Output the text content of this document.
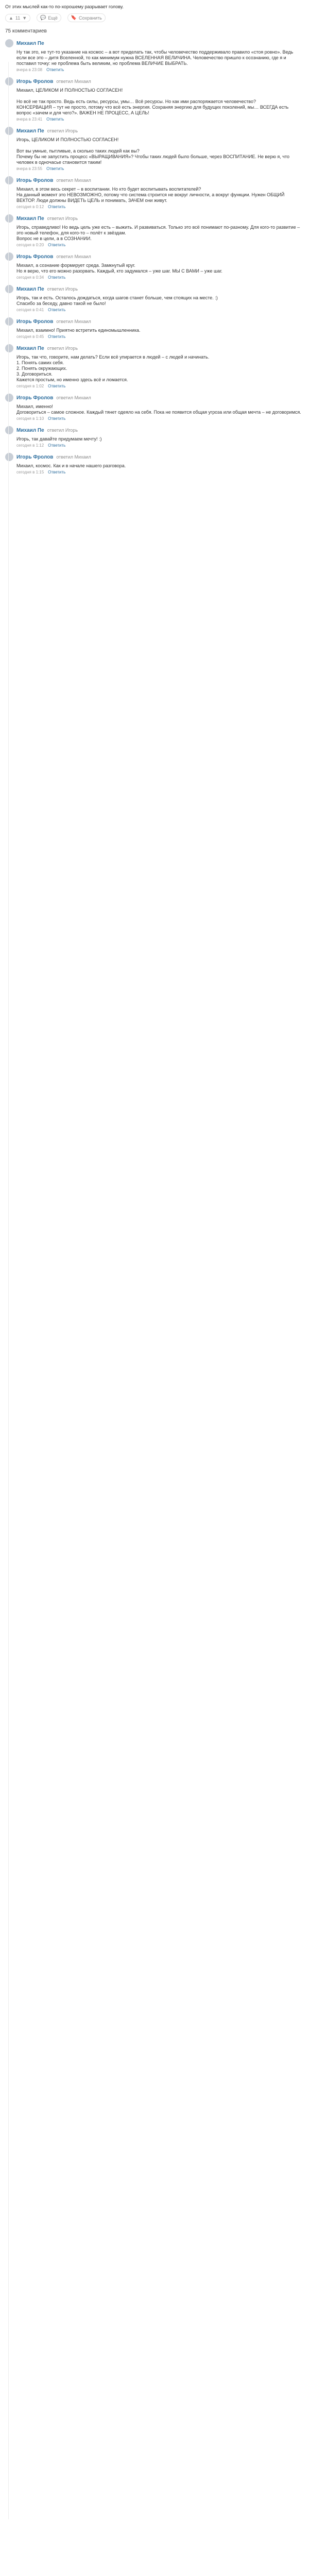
От этих мыслей как-то по-хорошему разрывает голову.
▲ 11 ▼	💬 Ещё	🔖 Сохранить
75 комментариев
Михаил Пе
Ну так это, не тут-то указание на космос – а вот приделать так, чтобы человечество поддерживало правило «стоя ровно». Ведь если все это – дитя Вселенной, то как минимум нужна ВСЕЛЕННАЯ ВЕЛИЧИНА. Человечество пришло к осознанию, где я и поставил точку: не проблема быть великим, но проблема ВЕЛИЧИЕ ВЫБРАТЬ.
вчера в 23:08 Ответить
Игорь Фролов ответил Михаил
Михаил, ЦЕЛИКОМ И ПОЛНОСТЬЮ СОГЛАСЕН!

Но всё не так просто. Ведь есть силы, ресурсы, умы… Всё ресурсы. Но как ими распоряжается человечество?
КОНСЕРВАЦИЯ – тут не просто, потому что всё есть энергия. Сохраняя энергию для будущих поколений, мы… ВСЕГДА есть вопрос «зачем и для чего?». ВАЖЕН НЕ ПРОЦЕСС, А ЦЕЛЬ!
вчера в 23:41 Ответить
Михаил Пе ответил Игорь
Игорь, ЦЕЛИКОМ И ПОЛНОСТЬЮ СОГЛАСЕН!

Вот вы умные, пытливые, а сколько таких людей как вы?
Почему бы не запустить процесс «ВЫРАЩИВАНИЯ»? Чтобы таких людей было больше, через ВОСПИТАНИЕ. Не верю я, что человек в одночасье становится таким!
вчера в 23:55 Ответить
Игорь Фролов ответил Михаил
Михаил, в этом весь секрет – в воспитании. Но кто будет воспитывать воспитателей?
На данный момент это НЕВОЗМОЖНО, потому что система строится не вокруг личности, а вокруг функции. Нужен ОБЩИЙ ВЕКТОР. Люди должны ВИДЕТЬ ЦЕЛЬ и понимать, ЗАЧЕМ они живут.
сегодня в 0:12 Ответить
Михаил Пе ответил Игорь
Игорь, справедливо! Но ведь цель уже есть – выжить. И развиваться. Только это всё понимают по-разному. Для кого-то развитие – это новый телефон, для кого-то – полёт к звёздам.
Вопрос не в цели, а в СОЗНАНИИ.
сегодня в 0:20 Ответить
Игорь Фролов ответил Михаил
Михаил, а сознание формирует среда. Замкнутый круг.
Но я верю, что его можно разорвать. Каждый, кто задумался – уже шаг. МЫ С ВАМИ – уже шаг.
сегодня в 0:34 Ответить
Михаил Пе ответил Игорь
Игорь, так и есть. Осталось дождаться, когда шагов станет больше, чем стоящих на месте. :)
Спасибо за беседу, давно такой не было!
сегодня в 0:41 Ответить
Игорь Фролов ответил Михаил
Михаил, взаимно! Приятно встретить единомышленника.
сегодня в 0:45 Ответить
Михаил Пе ответил Игорь
Игорь, так что, говорите, нам делать? Если всё упирается в людей – с людей и начинать.
1. Понять самих себя.
2. Понять окружающих.
3. Договориться.
Кажется простым, но именно здесь всё и ломается.
сегодня в 1:02 Ответить
Игорь Фролов ответил Михаил
Михаил, именно!
Договориться – самое сложное. Каждый тянет одеяло на себя. Пока не появится общая угроза или общая мечта – не договоримся.
сегодня в 1:10 Ответить
Михаил Пе ответил Игорь
Игорь, так давайте придумаем мечту! :)
сегодня в 1:12 Ответить
Игорь Фролов ответил Михаил
Михаил, космос. Как и в начале нашего разговора.
сегодня в 1:15 Ответить
